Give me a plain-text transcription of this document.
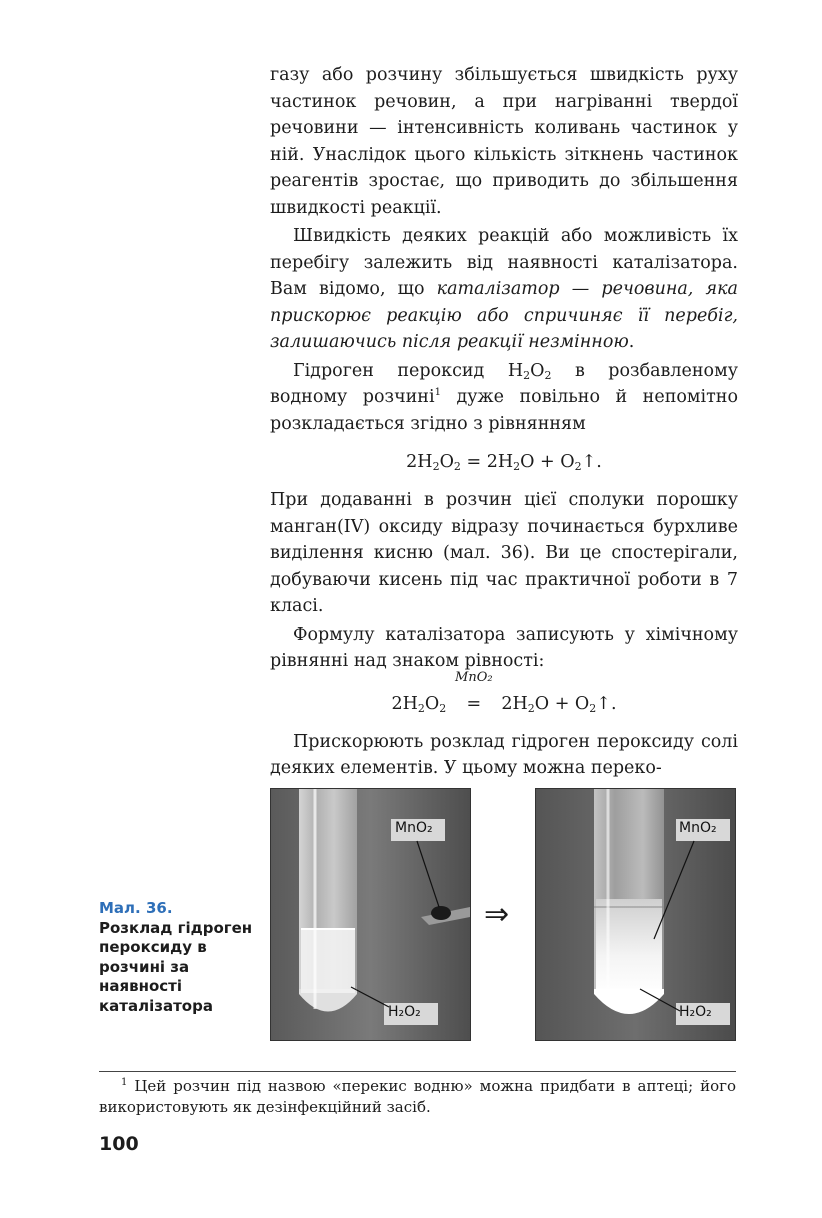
газу або розчину збільшується швидкість руху частинок речовин, а при нагріванні твердої речовини — інтенсивність коливань частинок у ній. Унаслідок цього кількість зіткнень частинок реагентів зростає, що приводить до збільшення швидкості реакції.

Швидкість деяких реакцій або можливість їх перебігу залежить від наявності каталізатора. Вам відомо, що каталізатор — речовина, яка прискорює реакцію або спричиняє її перебіг, залишаючись після реакції незмінною.

Гідроген пероксид $H_2O_2$ в розбавленому водному розчині$^1$ дуже повільно й непомітно розкладається згідно з рівнянням

$2H_2O_2 = 2H_2O$ + $O_2↑$.

При додаванні в розчин цієї сполуки порошку манган(IV) оксиду відразу починається бурхливе виділення кисню (мал. 36). Ви це спостерігали, добуваючи кисень під час практичної роботи в 7 класі.

Формулу каталізатора записують у хімічному рівнянні над знаком рівності:

$2H_2O_2$
MnO₂
= $2H_2O$ + $O_2↑$.

Прискорюють розклад гідроген пероксиду солі деяких елементів. У цьому можна переко-

Мал. 36.
Розклад гідроген пероксиду в розчині за наявності каталізатора
MnO₂
H₂O₂
⇒
MnO₂
H₂O₂
$^1$ Цей розчин під назвою «перекис водню» можна придбати в аптеці; його використовують як дезінфекційний засіб.
100
